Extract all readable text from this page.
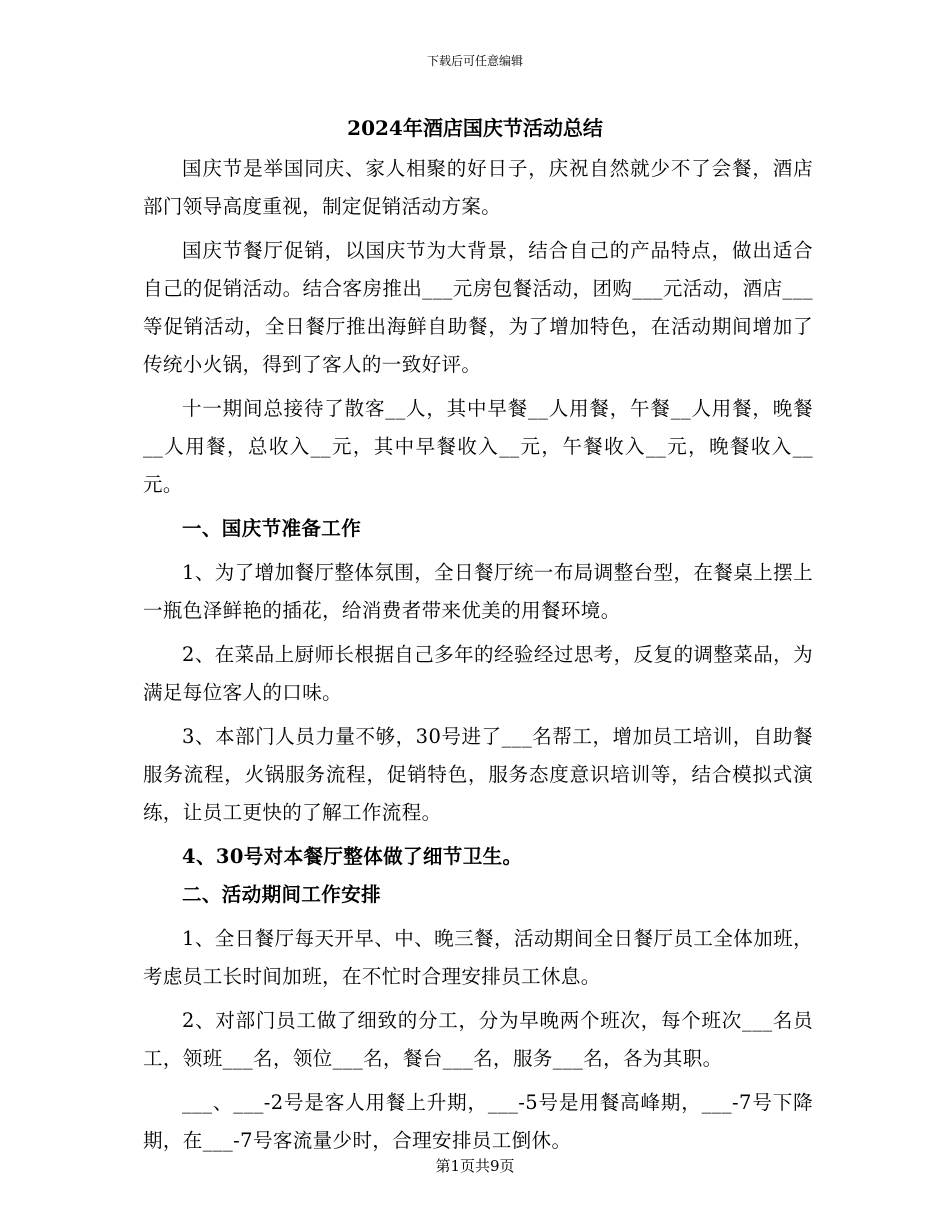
下载后可任意编辑
2024年酒店国庆节活动总结

国庆节是举国同庆、家人相聚的好日子，庆祝自然就少不了会餐，酒店部门领导高度重视，制定促销活动方案。

国庆节餐厅促销，以国庆节为大背景，结合自己的产品特点，做出适合自己的促销活动。结合客房推出___元房包餐活动，团购___元活动，酒店___等促销活动，全日餐厅推出海鲜自助餐，为了增加特色，在活动期间增加了传统小火锅，得到了客人的一致好评。

十一期间总接待了散客__人，其中早餐__人用餐，午餐__人用餐，晚餐__人用餐，总收入__元，其中早餐收入__元，午餐收入__元，晚餐收入__元。

一、国庆节准备工作

1、为了增加餐厅整体氛围，全日餐厅统一布局调整台型，在餐桌上摆上一瓶色泽鲜艳的插花，给消费者带来优美的用餐环境。

2、在菜品上厨师长根据自己多年的经验经过思考，反复的调整菜品，为满足每位客人的口味。

3、本部门人员力量不够，30号进了___名帮工，增加员工培训，自助餐服务流程，火锅服务流程，促销特色，服务态度意识培训等，结合模拟式演练，让员工更快的了解工作流程。

4、30号对本餐厅整体做了细节卫生。

二、活动期间工作安排

1、全日餐厅每天开早、中、晚三餐，活动期间全日餐厅员工全体加班，考虑员工长时间加班，在不忙时合理安排员工休息。

2、对部门员工做了细致的分工，分为早晚两个班次，每个班次___名员工，领班___名，领位___名，餐台___名，服务___名，各为其职。

___、___-2号是客人用餐上升期，___-5号是用餐高峰期，___-7号下降期，在___-7号客流量少时，合理安排员工倒休。

第1页共9页
